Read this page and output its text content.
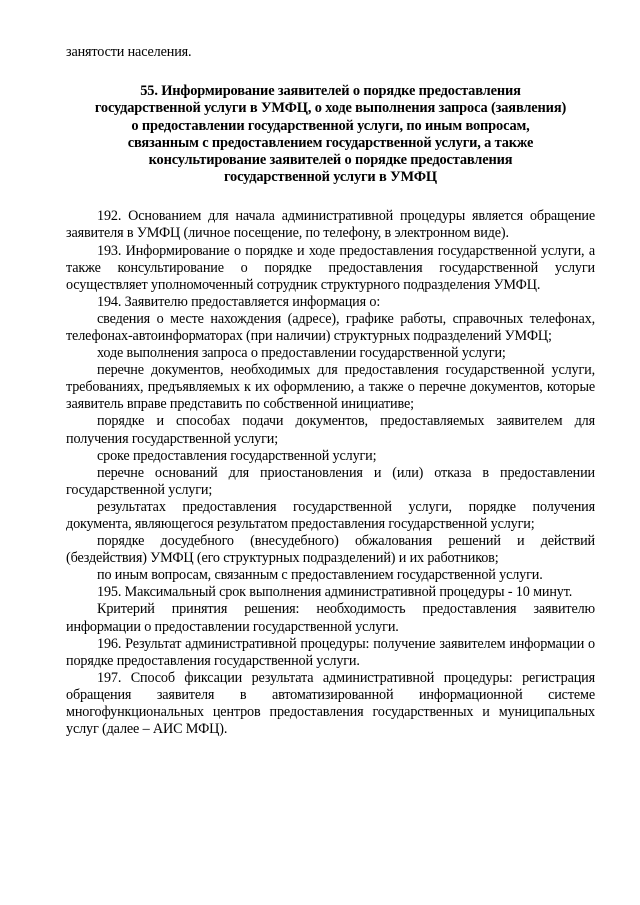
занятости населения.

55. Информирование заявителей о порядке предоставления
государственной услуги в УМФЦ, о ходе выполнения запроса (заявления)
о предоставлении государственной услуги, по иным вопросам,
связанным с предоставлением государственной услуги, а также
консультирование заявителей о порядке предоставления
государственной услуги в УМФЦ

192. Основанием для начала административной процедуры является обращение заявителя в УМФЦ (личное посещение, по телефону, в электронном виде).

193. Информирование о порядке и ходе предоставления государственной услуги, а также консультирование о порядке предоставления государственной услуги осуществляет уполномоченный сотрудник структурного подразделения УМФЦ.

194. Заявителю предоставляется информация о:

сведения о месте нахождения (адресе), графике работы, справочных телефонах, телефонах-автоинформаторах (при наличии) структурных подразделений УМФЦ;

ходе выполнения запроса о предоставлении государственной услуги;

перечне документов, необходимых для предоставления государственной услуги, требованиях, предъявляемых к их оформлению, а также о перечне документов, которые заявитель вправе представить по собственной инициативе;

порядке и способах подачи документов, предоставляемых заявителем для получения государственной услуги;

сроке предоставления государственной услуги;

перечне оснований для приостановления и (или) отказа в предоставлении государственной услуги;

результатах предоставления государственной услуги, порядке получения документа, являющегося результатом предоставления государственной услуги;

порядке досудебного (внесудебного) обжалования решений и действий (бездействия) УМФЦ (его структурных подразделений) и их работников;

по иным вопросам, связанным с предоставлением государственной услуги.

195. Максимальный срок выполнения административной процедуры - 10 минут.

Критерий принятия решения: необходимость предоставления заявителю информации о предоставлении государственной услуги.

196. Результат административной процедуры: получение заявителем информации о порядке предоставления государственной услуги.

197. Способ фиксации результата административной процедуры: регистрация обращения заявителя в автоматизированной информационной системе многофункциональных центров предоставления государственных и муниципальных услуг (далее – АИС МФЦ).
